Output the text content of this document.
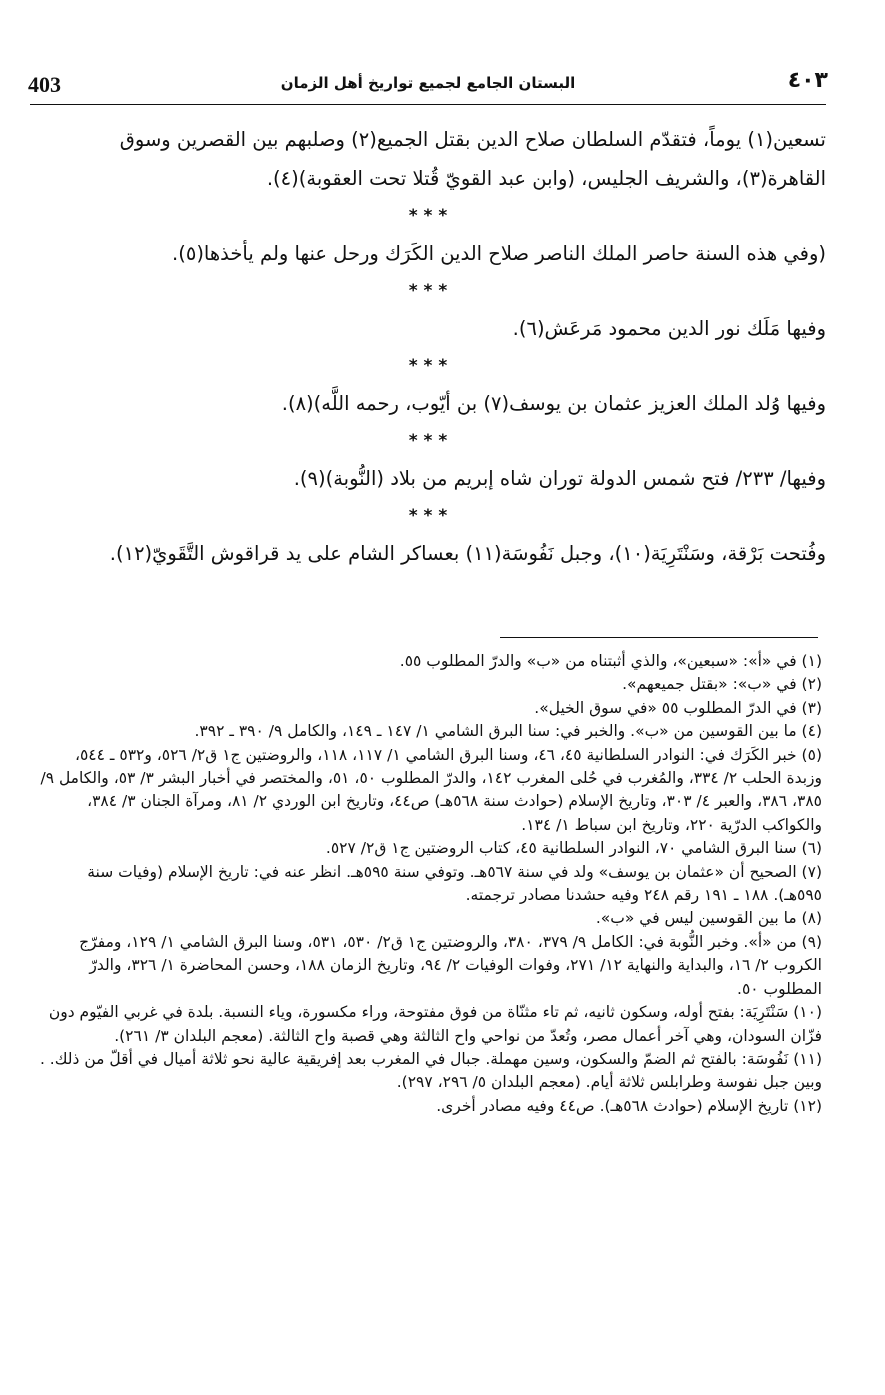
403	البستان الجامع لجميع تواريخ أهل الزمان	٤٠٣

تسعين(١) يوماً، فتقدّم السلطان صلاح الدين بقتل الجميع(٢) وصلبهم بين القصرين وسوق القاهرة(٣)، والشريف الجليس، (وابن عبد القويّ قُتلا تحت العقوبة)(٤).

* * *

(وفي هذه السنة حاصر الملك الناصر صلاح الدين الكَرَك ورحل عنها ولم يأخذها(٥).

* * *

وفيها مَلَك نور الدين محمود مَرعَش(٦).

* * *

وفيها وُلد الملك العزيز عثمان بن يوسف(٧) بن أيّوب، رحمه اللَّه)(٨).

* * *

وفيها/ ٢٣٣/ فتح شمس الدولة توران شاه إبريم من بلاد (النُّوبة)(٩).

* * *

وفُتحت بَرْقة، وسَنْتَرِيَة(١٠)، وجبل نَفُوسَة(١١) بعساكر الشام على يد قراقوش التَّقَويّ(١٢).

(١) في «أ»: «سبعين»، والذي أثبتناه من «ب» والدرّ المطلوب ٥٥.

(٢) في «ب»: «بقتل جميعهم».

(٣) في الدرّ المطلوب ٥٥ «في سوق الخيل».

(٤) ما بين القوسين من «ب». والخبر في: سنا البرق الشامي ١/ ١٤٧ ـ ١٤٩، والكامل ٩/ ٣٩٠ ـ ٣٩٢.

(٥) خبر الكَرَك في: النوادر السلطانية ٤٥، ٤٦، وسنا البرق الشامي ١/ ١١٧، ١١٨، والروضتين ج١ ق٢/ ٥٢٦، و٥٣٢ ـ ٥٤٤، وزبدة الحلب ٢/ ٣٣٤، والمُغرب في حُلى المغرب ١٤٢، والدرّ المطلوب ٥٠، ٥١، والمختصر في أخبار البشر ٣/ ٥٣، والكامل ٩/ ٣٨٥، ٣٨٦، والعبر ٤/ ٣٠٣، وتاريخ الإسلام (حوادث سنة ٥٦٨هـ) ص٤٤، وتاريخ ابن الوردي ٢/ ٨١، ومرآة الجنان ٣/ ٣٨٤، والكواكب الدرّية ٢٢٠، وتاريخ ابن سباط ١/ ١٣٤.

(٦) سنا البرق الشامي ٧٠، النوادر السلطانية ٤٥، كتاب الروضتين ج١ ق٢/ ٥٢٧.

(٧) الصحيح أن «عثمان بن يوسف» ولد في سنة ٥٦٧هـ. وتوفي سنة ٥٩٥هـ. انظر عنه في: تاريخ الإسلام (وفيات سنة ٥٩٥هـ). ١٨٨ ـ ١٩١ رقم ٢٤٨ وفيه حشدنا مصادر ترجمته.

(٨) ما بين القوسين ليس في «ب».

(٩) من «أ». وخبر النُّوبة في: الكامل ٩/ ٣٧٩، ٣٨٠، والروضتين ج١ ق٢/ ٥٣٠، ٥٣١، وسنا البرق الشامي ١/ ١٢٩، ومفرّج الكروب ٢/ ١٦، والبداية والنهاية ١٢/ ٢٧١، وفوات الوفيات ٢/ ٩٤، وتاريخ الزمان ١٨٨، وحسن المحاضرة ١/ ٣٢٦، والدرّ المطلوب ٥٠.

(١٠) سَنْتَرِيَة: بفتح أوله، وسكون ثانيه، ثم تاء مثنّاة من فوق مفتوحة، وراء مكسورة، وياء النسبة. بلدة في غربي الفيّوم دون فزّان السودان، وهي آخر أعمال مصر، وتُعدّ من نواحي واح الثالثة وهي قصبة واح الثالثة. (معجم البلدان ٣/ ٢٦١).

(١١) نَفُوسَة: بالفتح ثم الضمّ والسكون، وسين مهملة. جبال في المغرب بعد إفريقية عالية نحو ثلاثة أميال في أقلّ من ذلك. . وبين جبل نفوسة وطرابلس ثلاثة أيام. (معجم البلدان ٥/ ٢٩٦، ٢٩٧).

(١٢) تاريخ الإسلام (حوادث ٥٦٨هـ). ص٤٤ وفيه مصادر أخرى.
